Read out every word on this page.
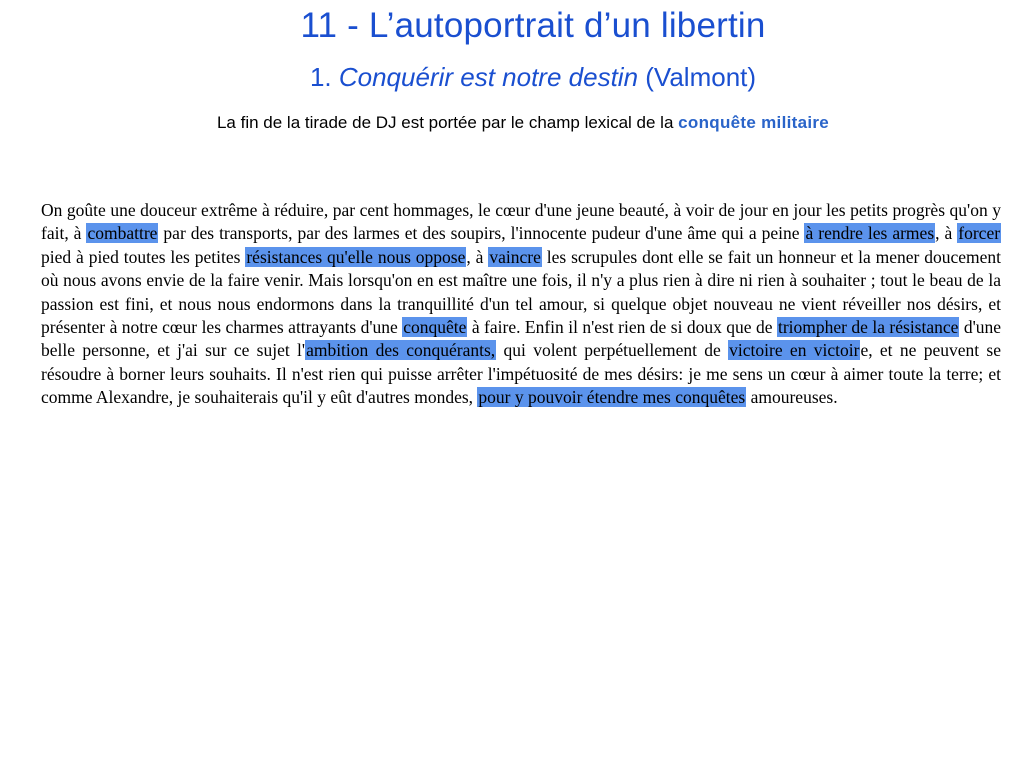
11 - L’autoportrait d’un libertin
1. Conquérir est notre destin (Valmont)

La fin de la tirade de DJ est portée par le champ lexical de la conquête militaire

On goûte une douceur extrême à réduire, par cent hommages, le cœur d'une jeune beauté, à voir de jour en jour les petits progrès qu'on y fait, à combattre par des transports, par des larmes et des soupirs, l'innocente pudeur d'une âme qui a peine à rendre les armes, à forcer pied à pied toutes les petites résistances qu'elle nous oppose, à vaincre les scrupules dont elle se fait un honneur et la mener doucement où nous avons envie de la faire venir. Mais lorsqu'on en est maître une fois, il n'y a plus rien à dire ni rien à souhaiter ; tout le beau de la passion est fini, et nous nous endormons dans la tranquillité d'un tel amour, si quelque objet nouveau ne vient réveiller nos désirs, et présenter à notre cœur les charmes attrayants d'une conquête à faire. Enfin il n'est rien de si doux que de triompher de la résistance d'une belle personne, et j'ai sur ce sujet l'ambition des conquérants, qui volent perpétuellement de victoire en victoire, et ne peuvent se résoudre à borner leurs souhaits. Il n'est rien qui puisse arrêter l'impétuosité de mes désirs: je me sens un cœur à aimer toute la terre; et comme Alexandre, je souhaiterais qu'il y eût d'autres mondes, pour y pouvoir étendre mes conquêtes amoureuses.
